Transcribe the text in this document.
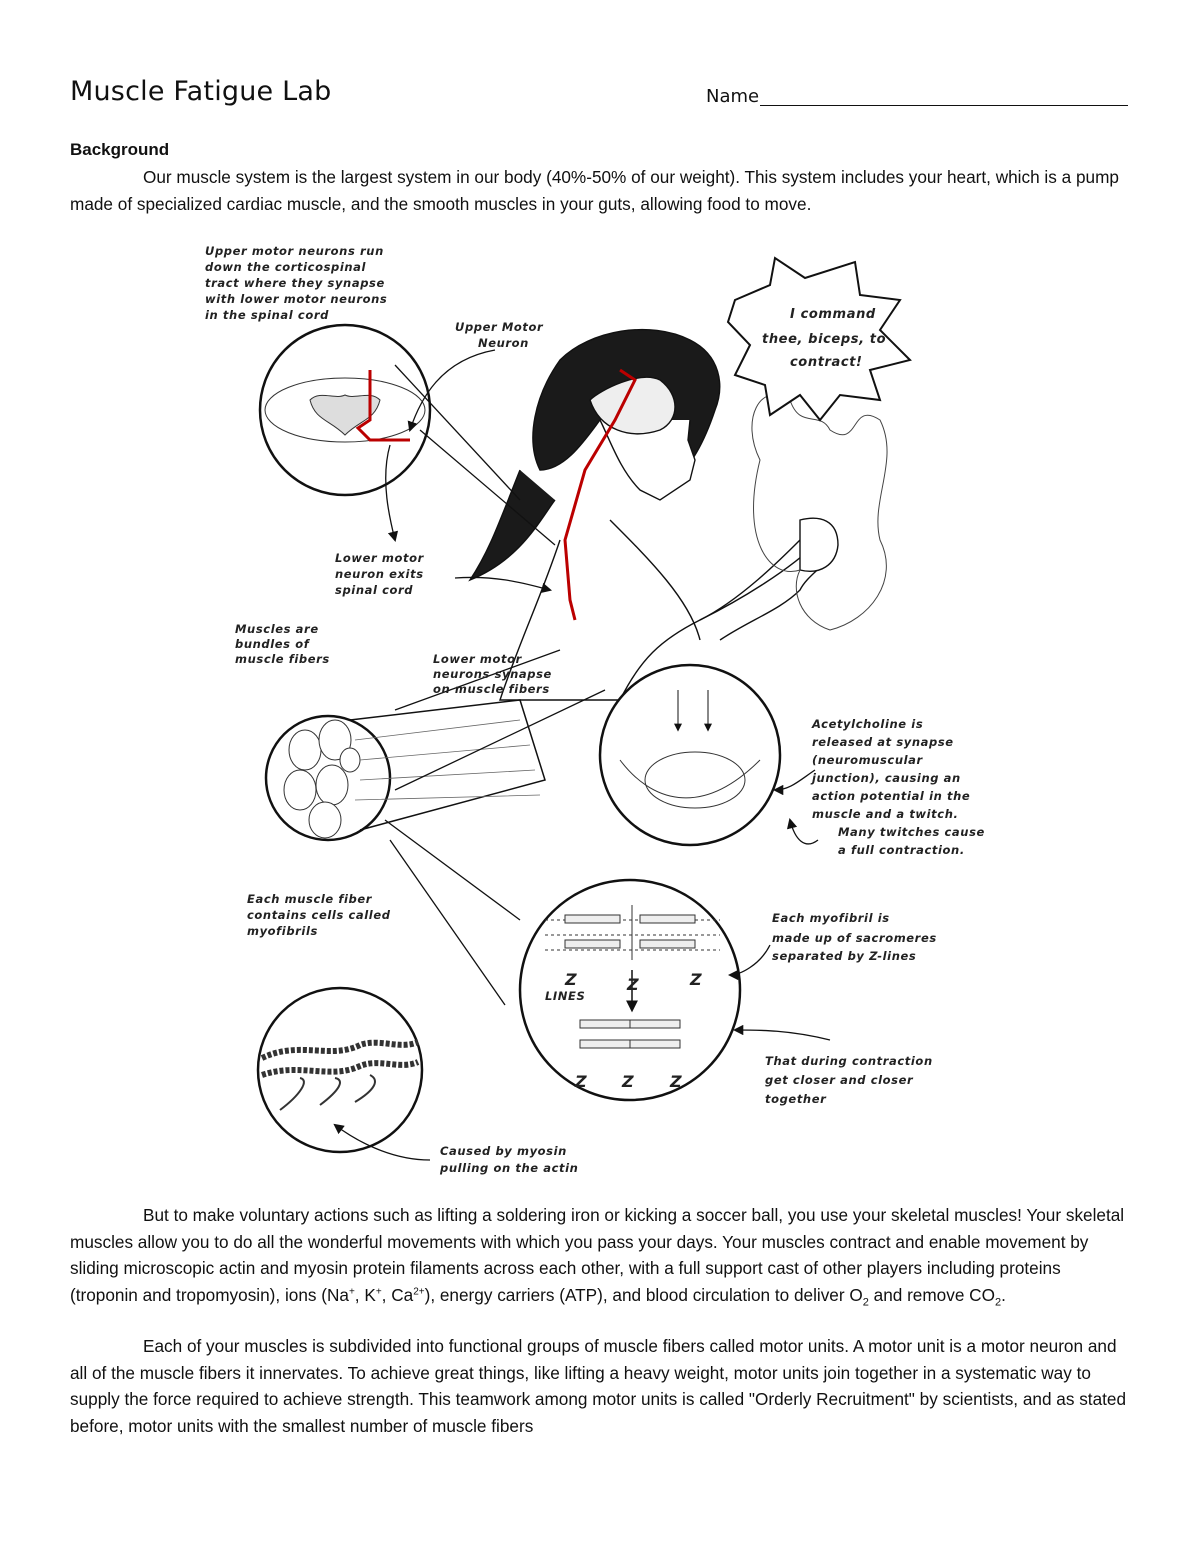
Muscle Fatigue Lab	Name
Background
Our muscle system is the largest system in our body (40%-50% of our weight). This system includes your heart, which is a pump made of specialized cardiac muscle, and the smooth muscles in your guts, allowing food to move.
I command
thee, biceps, to
contract!
Z	Z	Z
LINES
Z Z Z
Upper motor neurons run
down the corticospinal
tract where they synapse
with lower motor neurons
in the spinal cord
Upper Motor
Neuron
Lower motor
neuron exits
spinal cord
Muscles are
bundles of
muscle fibers	Lower motor
neurons synapse
on muscle fibers
Acetylcholine is
released at synapse
(neuromuscular
junction), causing an
action potential in the
muscle and a twitch.
Many twitches cause
a full contraction.
Each muscle fiber
contains cells called
myofibrils
Each myofibril is
made up of sacromeres
separated by Z-lines
That during contraction
get closer and closer
together
Caused by myosin
pulling on the actin
But to make voluntary actions such as lifting a soldering iron or kicking a soccer ball, you use your skeletal muscles! Your skeletal muscles allow you to do all the wonderful movements with which you pass your days. Your muscles contract and enable movement by sliding microscopic actin and myosin protein filaments across each other, with a full support cast of other players including proteins (troponin and tropomyosin), ions (Na+, K+, $Ca^{2+}$), energy carriers (ATP), and blood circulation to deliver $O_2$ and remove $CO_2$.
Each of your muscles is subdivided into functional groups of muscle fibers called motor units. A motor unit is a motor neuron and all of the muscle fibers it innervates. To achieve great things, like lifting a heavy weight, motor units join together in a systematic way to supply the force required to achieve strength. This teamwork among motor units is called "Orderly Recruitment" by scientists, and as stated before, motor units with the smallest number of muscle fibers
